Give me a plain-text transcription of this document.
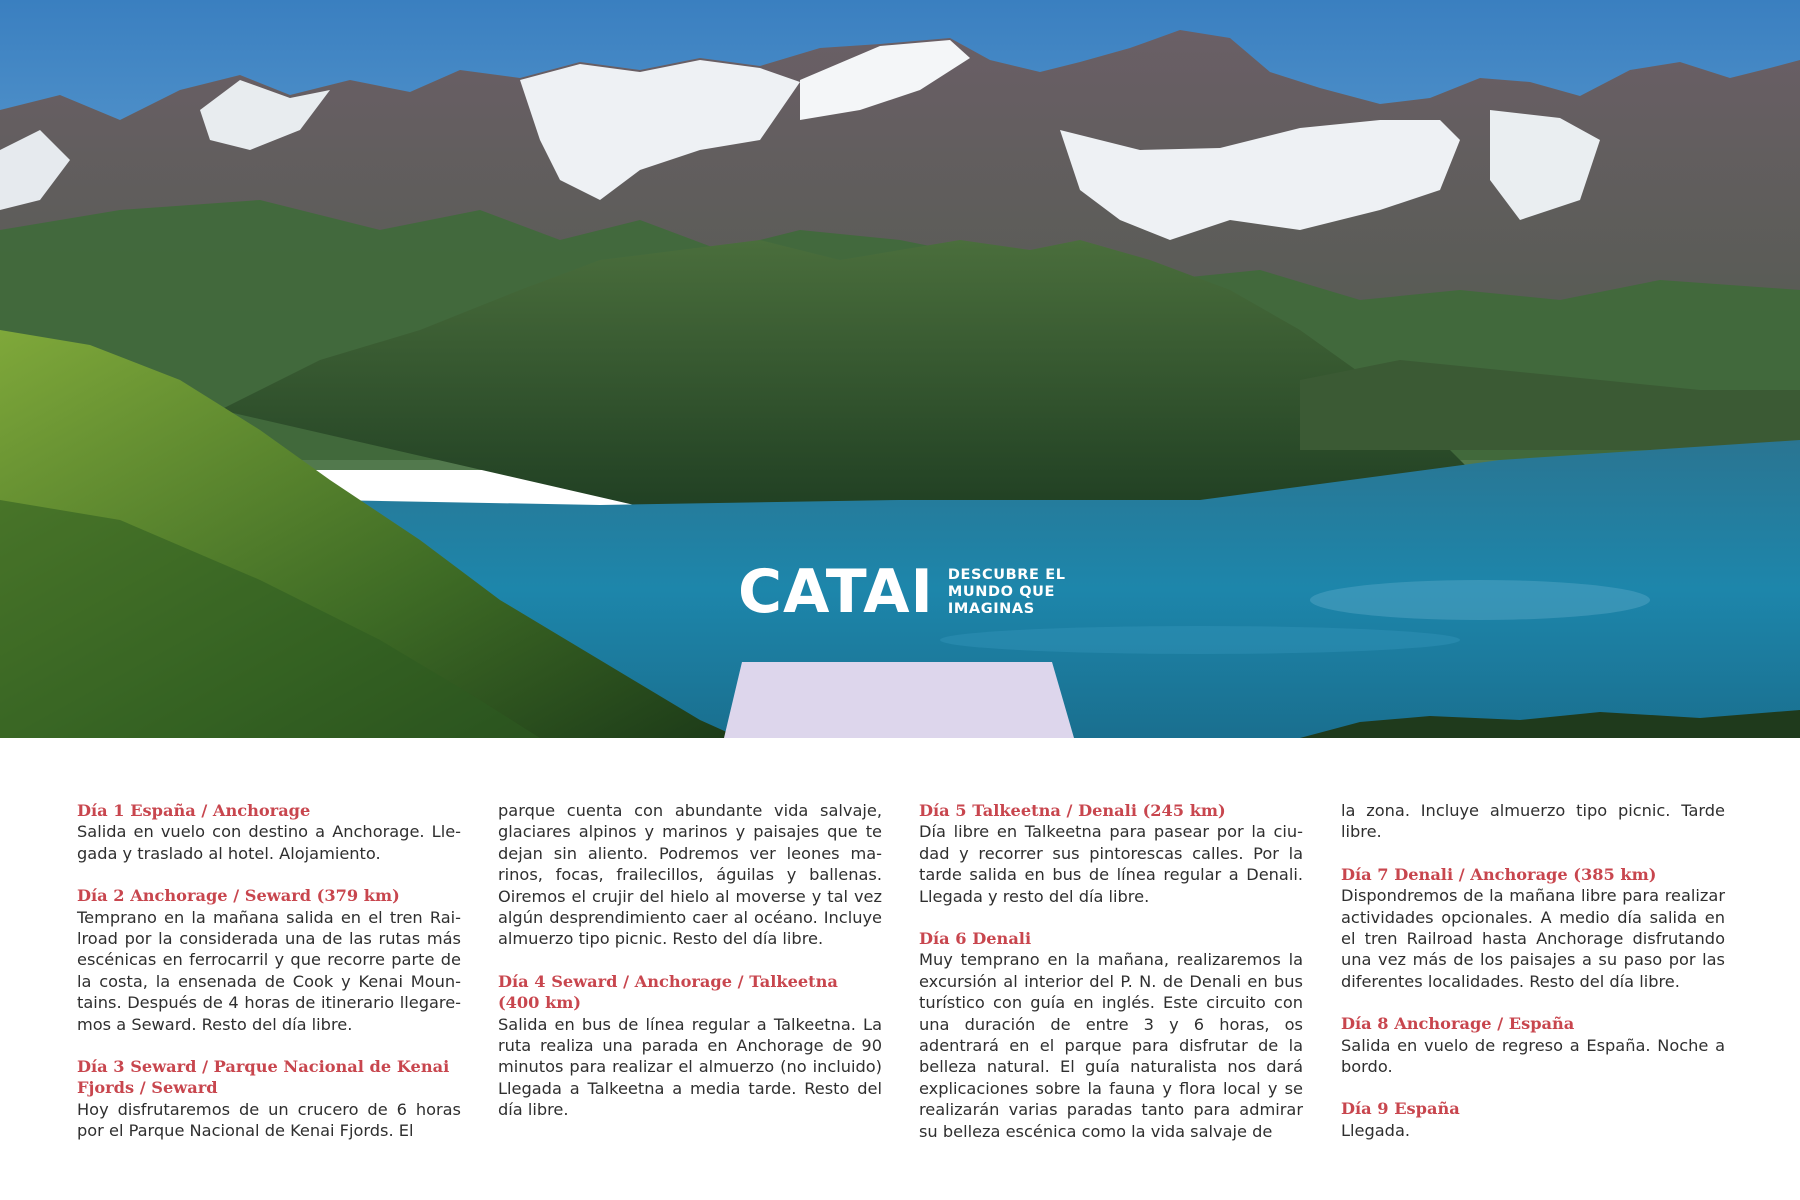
CATAI DESCUBRE EL
MUNDO QUE
IMAGINAS
Día 1 España / Anchorage
Salida en vuelo con destino a Anchorage. Lle-gada y traslado al hotel. Alojamiento.
Día 2 Anchorage / Seward (379 km)
Temprano en la mañana salida en el tren Rai-lroad por la considerada una de las rutas más escénicas en ferrocarril y que recorre parte de la costa, la ensenada de Cook y Kenai Moun-tains. Después de 4 horas de itinerario llegare-mos a Seward. Resto del día libre.
Día 3 Seward / Parque Nacional de Kenai Fjords / Seward
Hoy disfrutaremos de un crucero de 6 horas por el Parque Nacional de Kenai Fjords. El
parque cuenta con abundante vida salvaje, glaciares alpinos y marinos y paisajes que te dejan sin aliento. Podremos ver leones ma-rinos, focas, frailecillos, águilas y ballenas. Oiremos el crujir del hielo al moverse y tal vez algún desprendimiento caer al océano. Incluye almuerzo tipo picnic. Resto del día libre.
Día 4 Seward / Anchorage / Talkeetna (400 km)
Salida en bus de línea regular a Talkeetna. La ruta realiza una parada en Anchorage de 90 minutos para realizar el almuerzo (no incluido) Llegada a Talkeetna a media tarde. Resto del día libre.
Día 5 Talkeetna / Denali (245 km)
Día libre en Talkeetna para pasear por la ciu-dad y recorrer sus pintorescas calles. Por la tarde salida en bus de línea regular a Denali. Llegada y resto del día libre.
Día 6 Denali
Muy temprano en la mañana, realizaremos la excursión al interior del P. N. de Denali en bus turístico con guía en inglés. Este circuito con una duración de entre 3 y 6 horas, os adentrará en el parque para disfrutar de la belleza natural. El guía naturalista nos dará explicaciones sobre la fauna y flora local y se realizarán varias paradas tanto para admirar su belleza escénica como la vida salvaje de
la zona. Incluye almuerzo tipo picnic. Tarde libre.
Día 7 Denali / Anchorage (385 km)
Dispondremos de la mañana libre para realizar actividades opcionales. A medio día salida en el tren Railroad hasta Anchorage disfrutando una vez más de los paisajes a su paso por las diferentes localidades. Resto del día libre.
Día 8 Anchorage / España
Salida en vuelo de regreso a España. Noche a bordo.
Día 9 España
Llegada.
